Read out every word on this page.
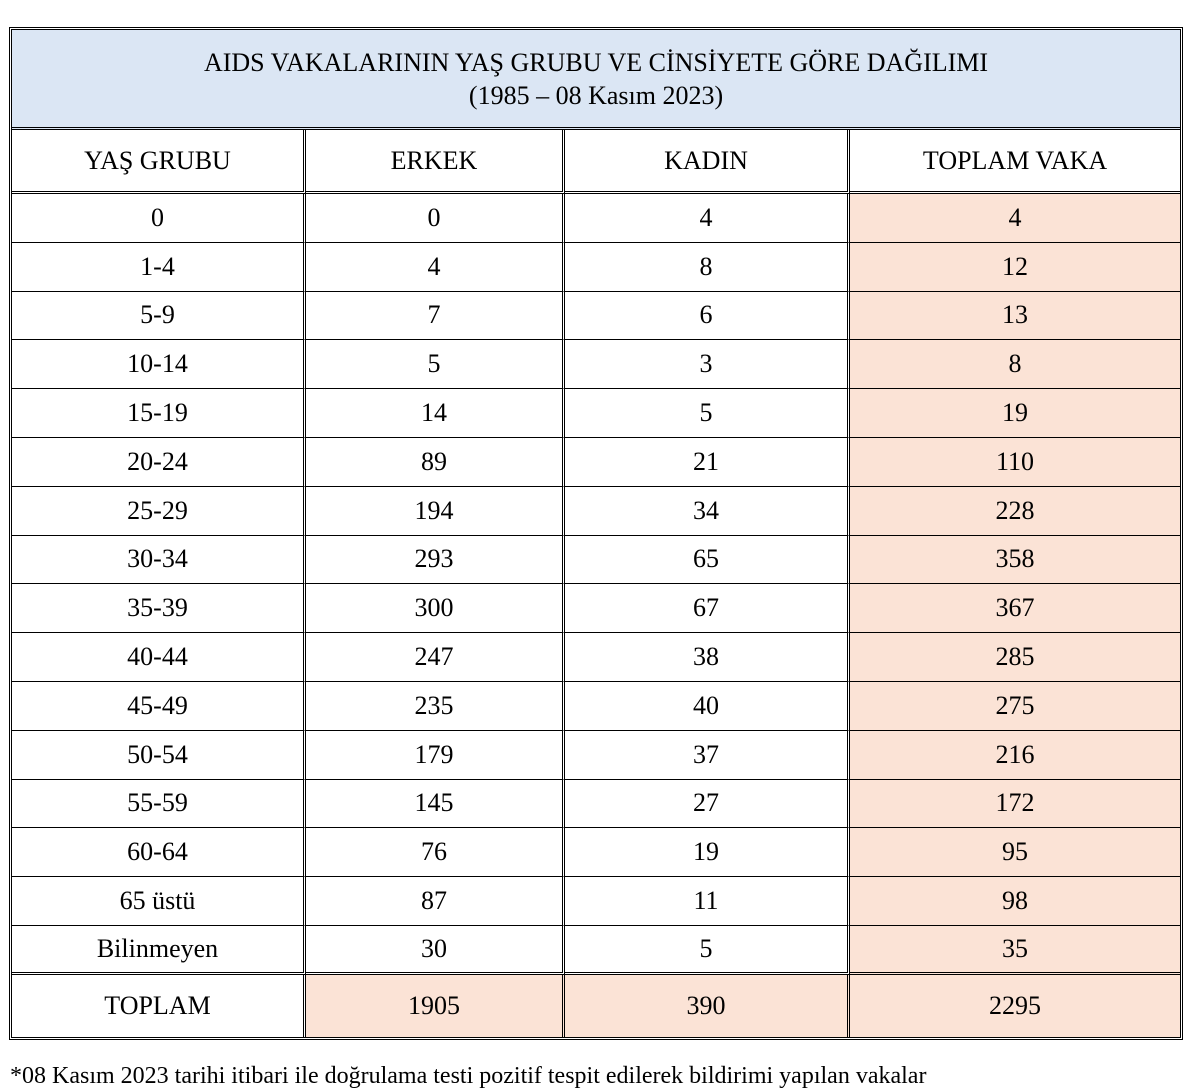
AIDS VAKALARININ YAŞ GRUBU VE CİNSİYETE GÖRE DAĞILIMI
(1985 – 08 Kasım 2023)			

YAŞ GRUBU	ERKEK	KADIN	TOPLAM VAKA
0	0	4	4
1-4	4	8	12
5-9	7	6	13
10-14	5	3	8
15-19	14	5	19
20-24	89	21	110
25-29	194	34	228
30-34	293	65	358
35-39	300	67	367
40-44	247	38	285
45-49	235	40	275
50-54	179	37	216
55-59	145	27	172
60-64	76	19	95
65 üstü	87	11	98
Bilinmeyen	30	5	35
TOPLAM	1905	390	2295
*08 Kasım 2023 tarihi itibari ile doğrulama testi pozitif tespit edilerek bildirimi yapılan vakalar
